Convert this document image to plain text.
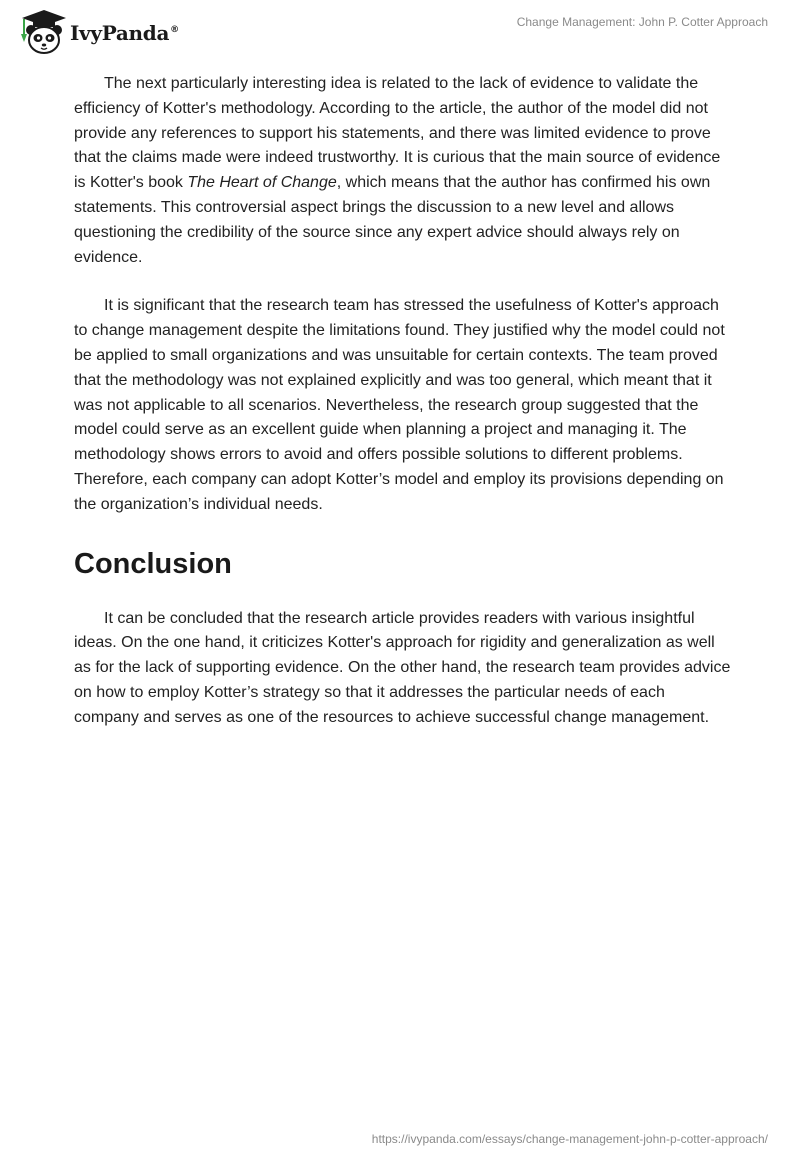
IvyPanda®
Change Management: John P. Cotter Approach

The next particularly interesting idea is related to the lack of evidence to validate the efficiency of Kotter's methodology. According to the article, the author of the model did not provide any references to support his statements, and there was limited evidence to prove that the claims made were indeed trustworthy. It is curious that the main source of evidence is Kotter's book The Heart of Change, which means that the author has confirmed his own statements. This controversial aspect brings the discussion to a new level and allows questioning the credibility of the source since any expert advice should always rely on evidence.

It is significant that the research team has stressed the usefulness of Kotter's approach to change management despite the limitations found. They justified why the model could not be applied to small organizations and was unsuitable for certain contexts. The team proved that the methodology was not explained explicitly and was too general, which meant that it was not applicable to all scenarios. Nevertheless, the research group suggested that the model could serve as an excellent guide when planning a project and managing it. The methodology shows errors to avoid and offers possible solutions to different problems. Therefore, each company can adopt Kotter’s model and employ its provisions depending on the organization’s individual needs.

Conclusion

It can be concluded that the research article provides readers with various insightful ideas. On the one hand, it criticizes Kotter's approach for rigidity and generalization as well as for the lack of supporting evidence. On the other hand, the research team provides advice on how to employ Kotter’s strategy so that it addresses the particular needs of each company and serves as one of the resources to achieve successful change management.

https://ivypanda.com/essays/change-management-john-p-cotter-approach/
